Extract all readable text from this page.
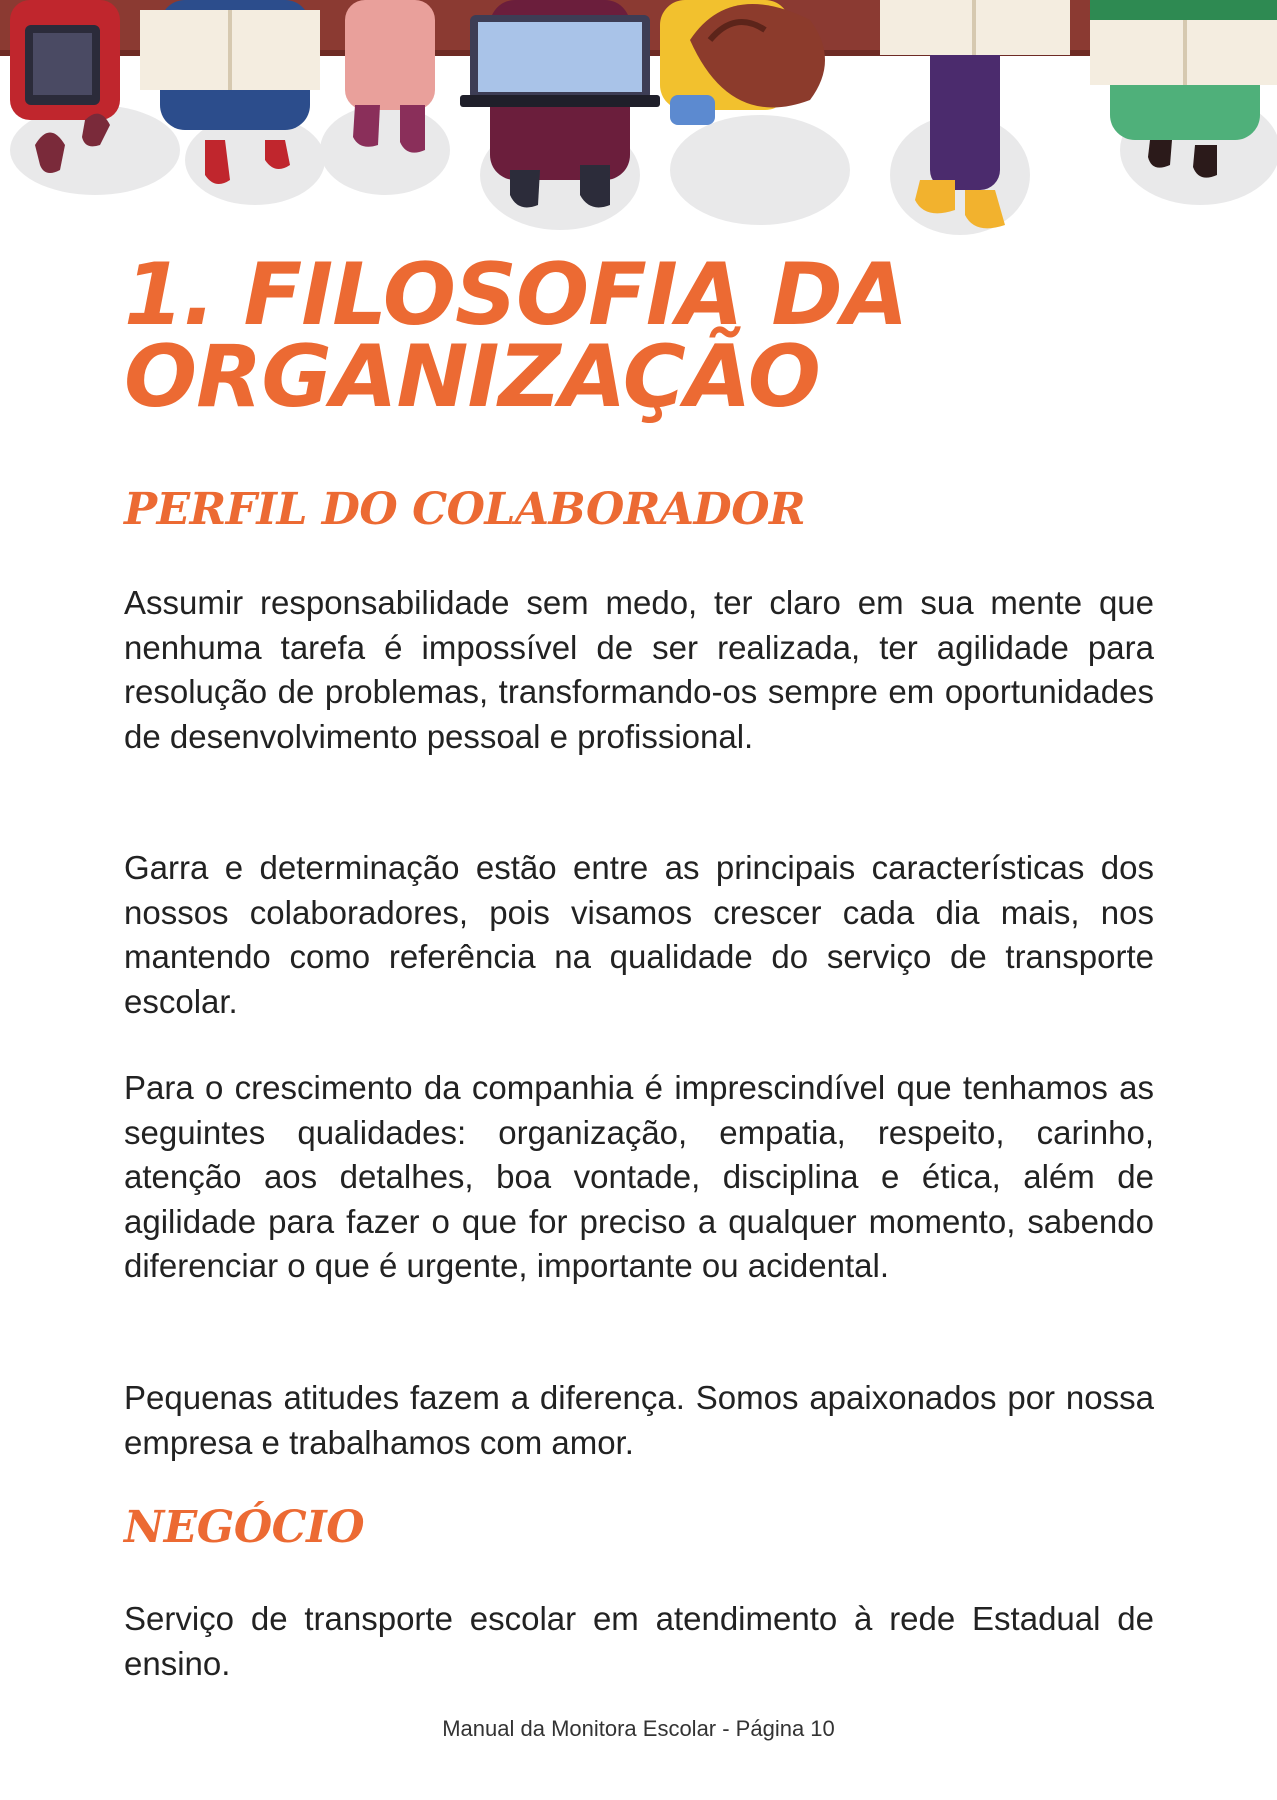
1. FILOSOFIA DA
ORGANIZAÇÃO
PERFIL DO COLABORADOR

Assumir responsabilidade sem medo, ter claro em sua mente que nenhuma tarefa é impossível de ser realizada, ter agilidade para resolução de problemas, transformando-os sempre em oportunidades de desenvolvimento pessoal e profissional.

Garra e determinação estão entre as principais características dos nossos colaboradores, pois visamos crescer cada dia mais, nos mantendo como referência na qualidade do serviço de transporte escolar.

Para o crescimento da companhia é imprescindível que tenhamos as seguintes qualidades: organização, empatia, respeito, carinho, atenção aos detalhes, boa vontade, disciplina e ética, além de agilidade para fazer o que for preciso a qualquer momento, sabendo diferenciar o que é urgente, importante ou acidental.

Pequenas atitudes fazem a diferença. Somos apaixonados por nossa empresa e trabalhamos com amor.

NEGÓCIO

Serviço de transporte escolar em atendimento à rede Estadual de ensino.

Manual da Monitora Escolar - Página 10
